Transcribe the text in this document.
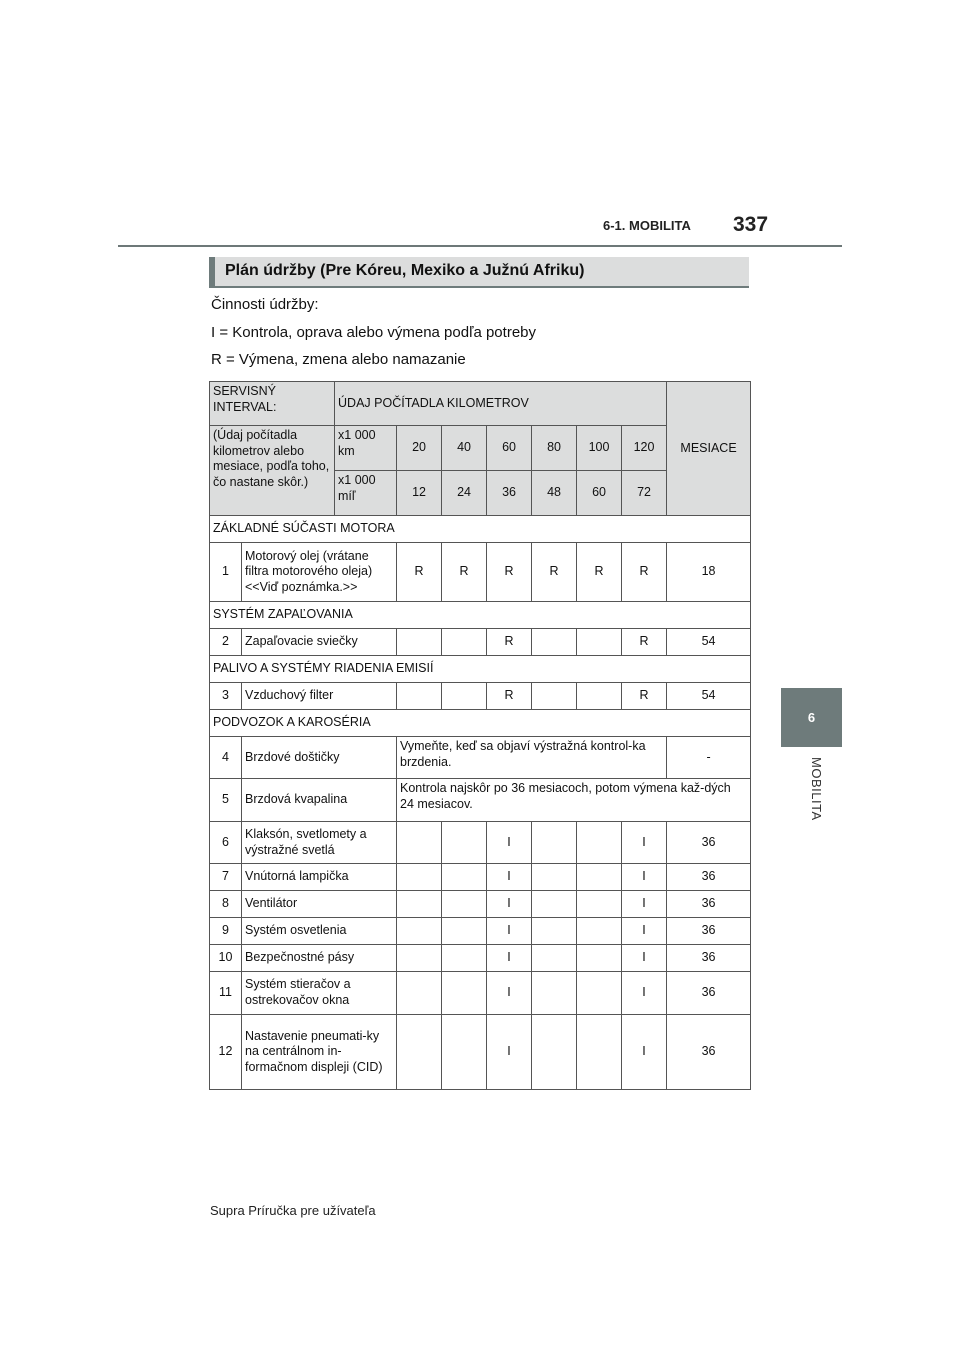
6-1. MOBILITA 337
6
MOBILITA
Plán údržby (Pre Kóreu, Mexiko a Južnú Afriku)
Činnosti údržby:
I = Kontrola, oprava alebo výmena podľa potreby
R = Výmena, zmena alebo namazanie
SERVISNÝ INTERVAL:		ÚDAJ POČÍTADLA KILOMETROV							MESIACE
(Údaj počítadla kilometrov alebo mesiace, podľa toho, čo nastane skôr.)		x1 000 km	20	40	60	80	100	120	
		x1 000 míľ	12	24	36	48	60	72	
ZÁKLADNÉ SÚČASTI MOTORA									
1	Motorový olej (vrátane filtra motorového oleja) <<Viď poznámka.>>		R	R	R	R	R	R	18
SYSTÉM ZAPAĽOVANIA									
2	Zapaľovacie sviečky				R			R	54
PALIVO A SYSTÉMY RIADENIA EMISIÍ									
3	Vzduchový filter				R			R	54
PODVOZOK A KAROSÉRIA									
4	Brzdové doštičky		Vymeňte, keď sa objaví výstražná kontrol-ka brzdenia.						-
5	Brzdová kvapalina		Kontrola najskôr po 36 mesiacoch, potom výmena kaž-dých 24 mesiacov.						
6	Klaksón, svetlomety a výstražné svetlá				I			I	36
7	Vnútorná lampička				I			I	36
8	Ventilátor				I			I	36
9	Systém osvetlenia				I			I	36
10	Bezpečnostné pásy				I			I	36
11	Systém stieračov a ostrekovačov okna				I			I	36
12	Nastavenie pneumati-ky na centrálnom in-formačnom displeji (CID)				I			I	36
Supra Príručka pre užívateľa
